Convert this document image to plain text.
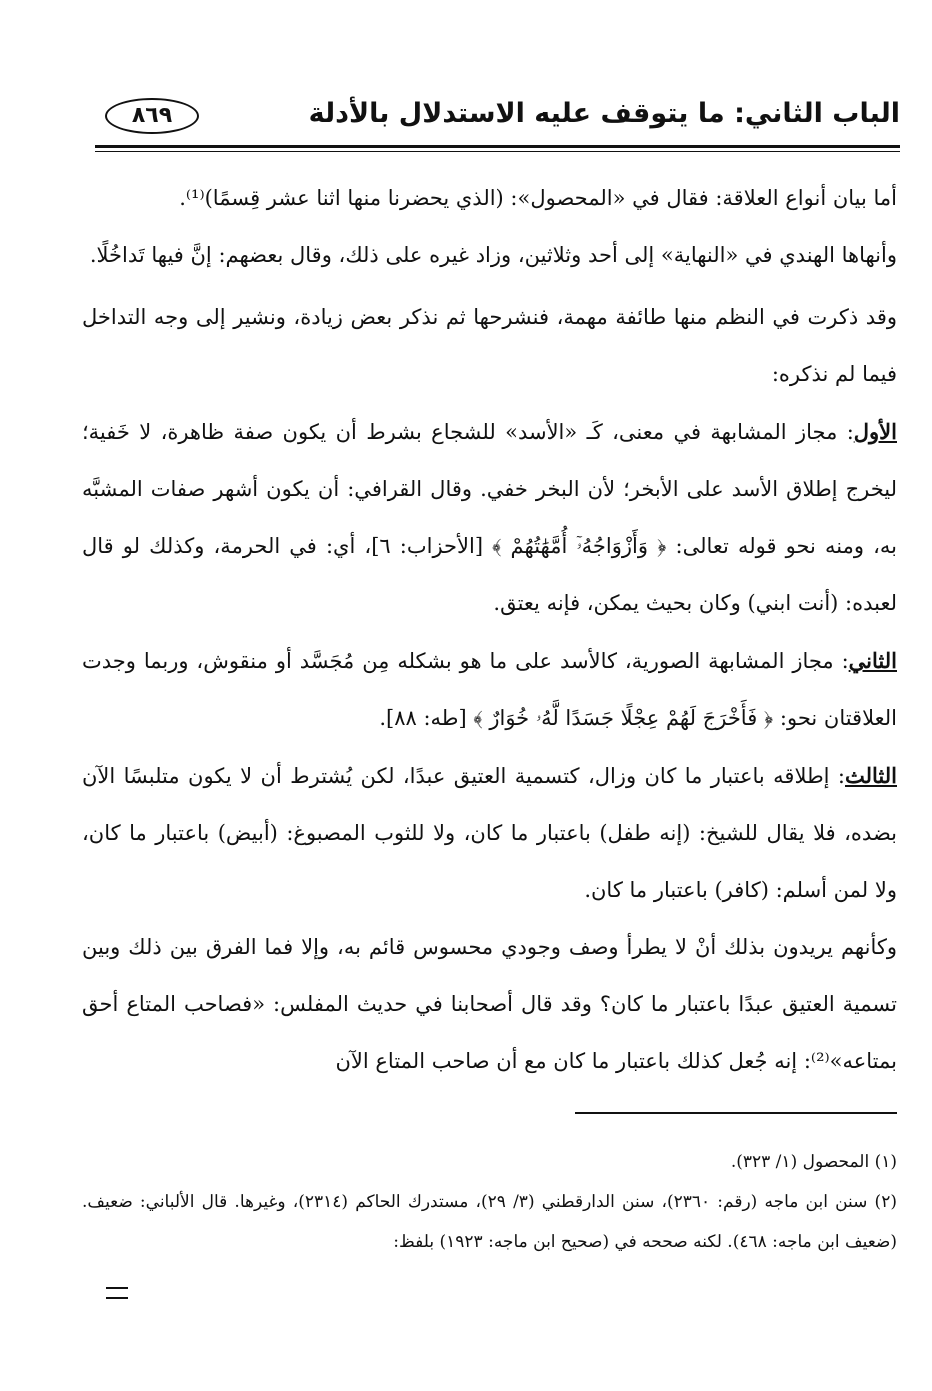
الباب الثاني: ما يتوقف عليه الاستدلال بالأدلة
٨٦٩

أما بيان أنواع العلاقة: فقال في «المحصول»: (الذي يحضرنا منها اثنا عشر قِسمًا)⁽¹⁾.

وأنهاها الهندي في «النهاية» إلى أحد وثلاثين، وزاد غيره على ذلك، وقال بعضهم: إنَّ فيها تَداخُلًا.

وقد ذكرت في النظم منها طائفة مهمة، فنشرحها ثم نذكر بعض زيادة، ونشير إلى وجه التداخل فيما لم نذكره:

الأول: مجاز المشابهة في معنى، كَـ «الأسد» للشجاع بشرط أن يكون صفة ظاهرة، لا خَفية؛ ليخرج إطلاق الأسد على الأبخر؛ لأن البخر خفي. وقال القرافي: أن يكون أشهر صفات المشبَّه به، ومنه نحو قوله تعالى: ﴿ وَأَزْوَاجُهُۥٓ أُمَّهَٰتُهُمْ ﴾ [الأحزاب: ٦]، أي: في الحرمة، وكذلك لو قال لعبده: (أنت ابني) وكان بحيث يمكن، فإنه يعتق.

الثاني: مجاز المشابهة الصورية، كالأسد على ما هو بشكله مِن مُجَسَّد أو منقوش، وربما وجدت العلاقتان نحو: ﴿ فَأَخْرَجَ لَهُمْ عِجْلًا جَسَدًا لَّهُۥ خُوَارٌ ﴾ [طه: ٨٨].

الثالث: إطلاقه باعتبار ما كان وزال، كتسمية العتيق عبدًا، لكن يُشترط أن لا يكون متلبسًا الآن بضده، فلا يقال للشيخ: (إنه طفل) باعتبار ما كان، ولا للثوب المصبوغ: (أبيض) باعتبار ما كان، ولا لمن أسلم: (كافر) باعتبار ما كان.

وكأنهم يريدون بذلك أنْ لا يطرأ وصف وجودي محسوس قائم به، وإلا فما الفرق بين ذلك وبين تسمية العتيق عبدًا باعتبار ما كان؟ وقد قال أصحابنا في حديث المفلس: «فصاحب المتاع أحق بمتاعه»⁽²⁾: إنه جُعل كذلك باعتبار ما كان مع أن صاحب المتاع الآن

(١) المحصول (١/ ٣٢٣).

(٢) سنن ابن ماجه (رقم: ٢٣٦٠)، سنن الدارقطني (٣/ ٢٩)، مستدرك الحاكم (٢٣١٤)، وغيرها. قال الألباني: ضعيف. (ضعيف ابن ماجه: ٤٦٨). لكنه صححه في (صحيح ابن ماجه: ١٩٢٣) بلفظ:
